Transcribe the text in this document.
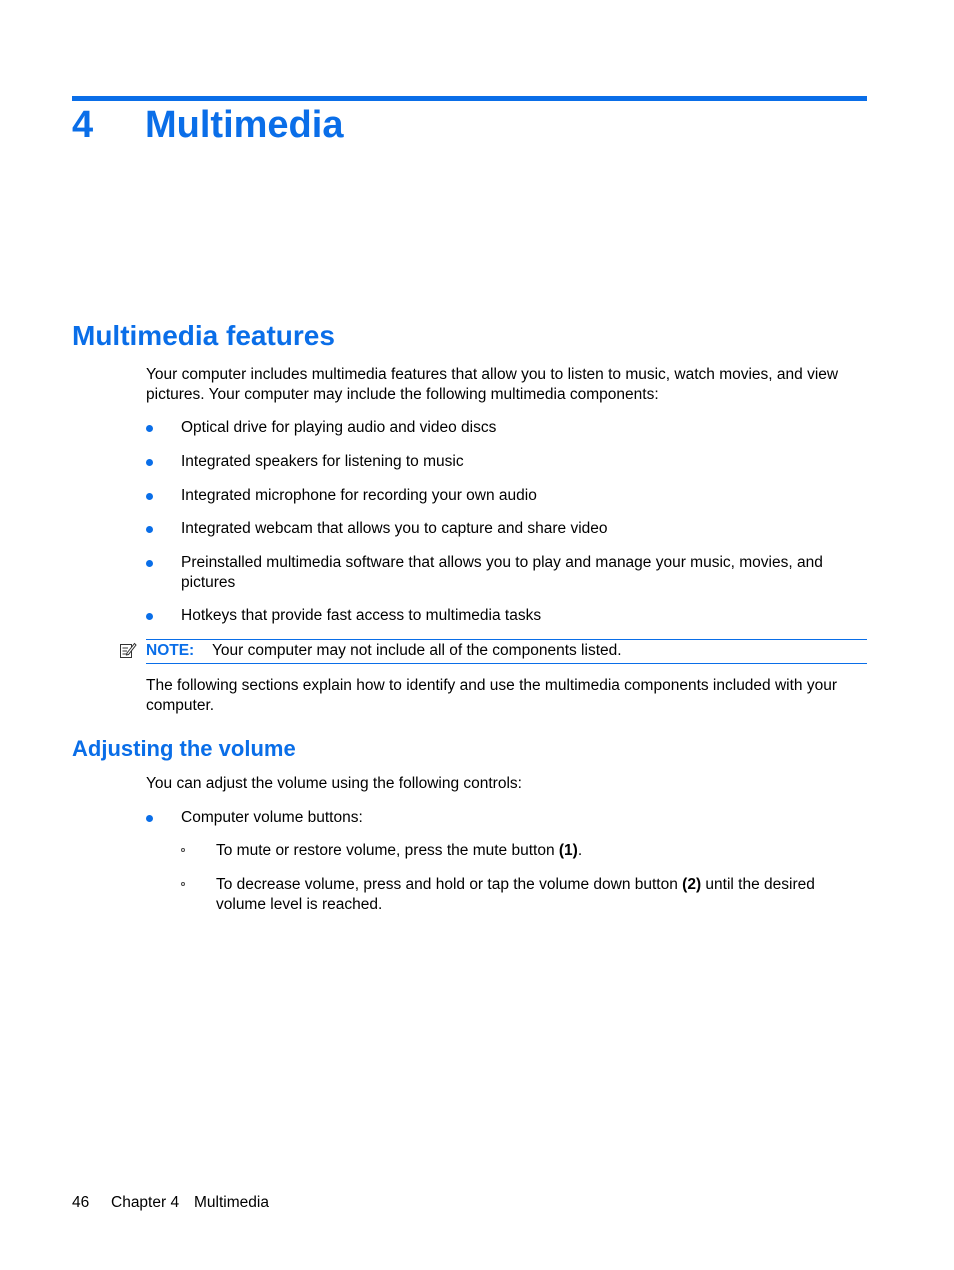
4 Multimedia
Multimedia features
Your computer includes multimedia features that allow you to listen to music, watch movies, and view pictures. Your computer may include the following multimedia components:
Optical drive for playing audio and video discs
Integrated speakers for listening to music
Integrated microphone for recording your own audio
Integrated webcam that allows you to capture and share video
Preinstalled multimedia software that allows you to play and manage your music, movies, and pictures
Hotkeys that provide fast access to multimedia tasks
NOTE: Your computer may not include all of the components listed.
The following sections explain how to identify and use the multimedia components included with your computer.
Adjusting the volume
You can adjust the volume using the following controls:
Computer volume buttons:
To mute or restore volume, press the mute button (1).
To decrease volume, press and hold or tap the volume down button (2) until the desired volume level is reached.
46 Chapter 4 Multimedia
